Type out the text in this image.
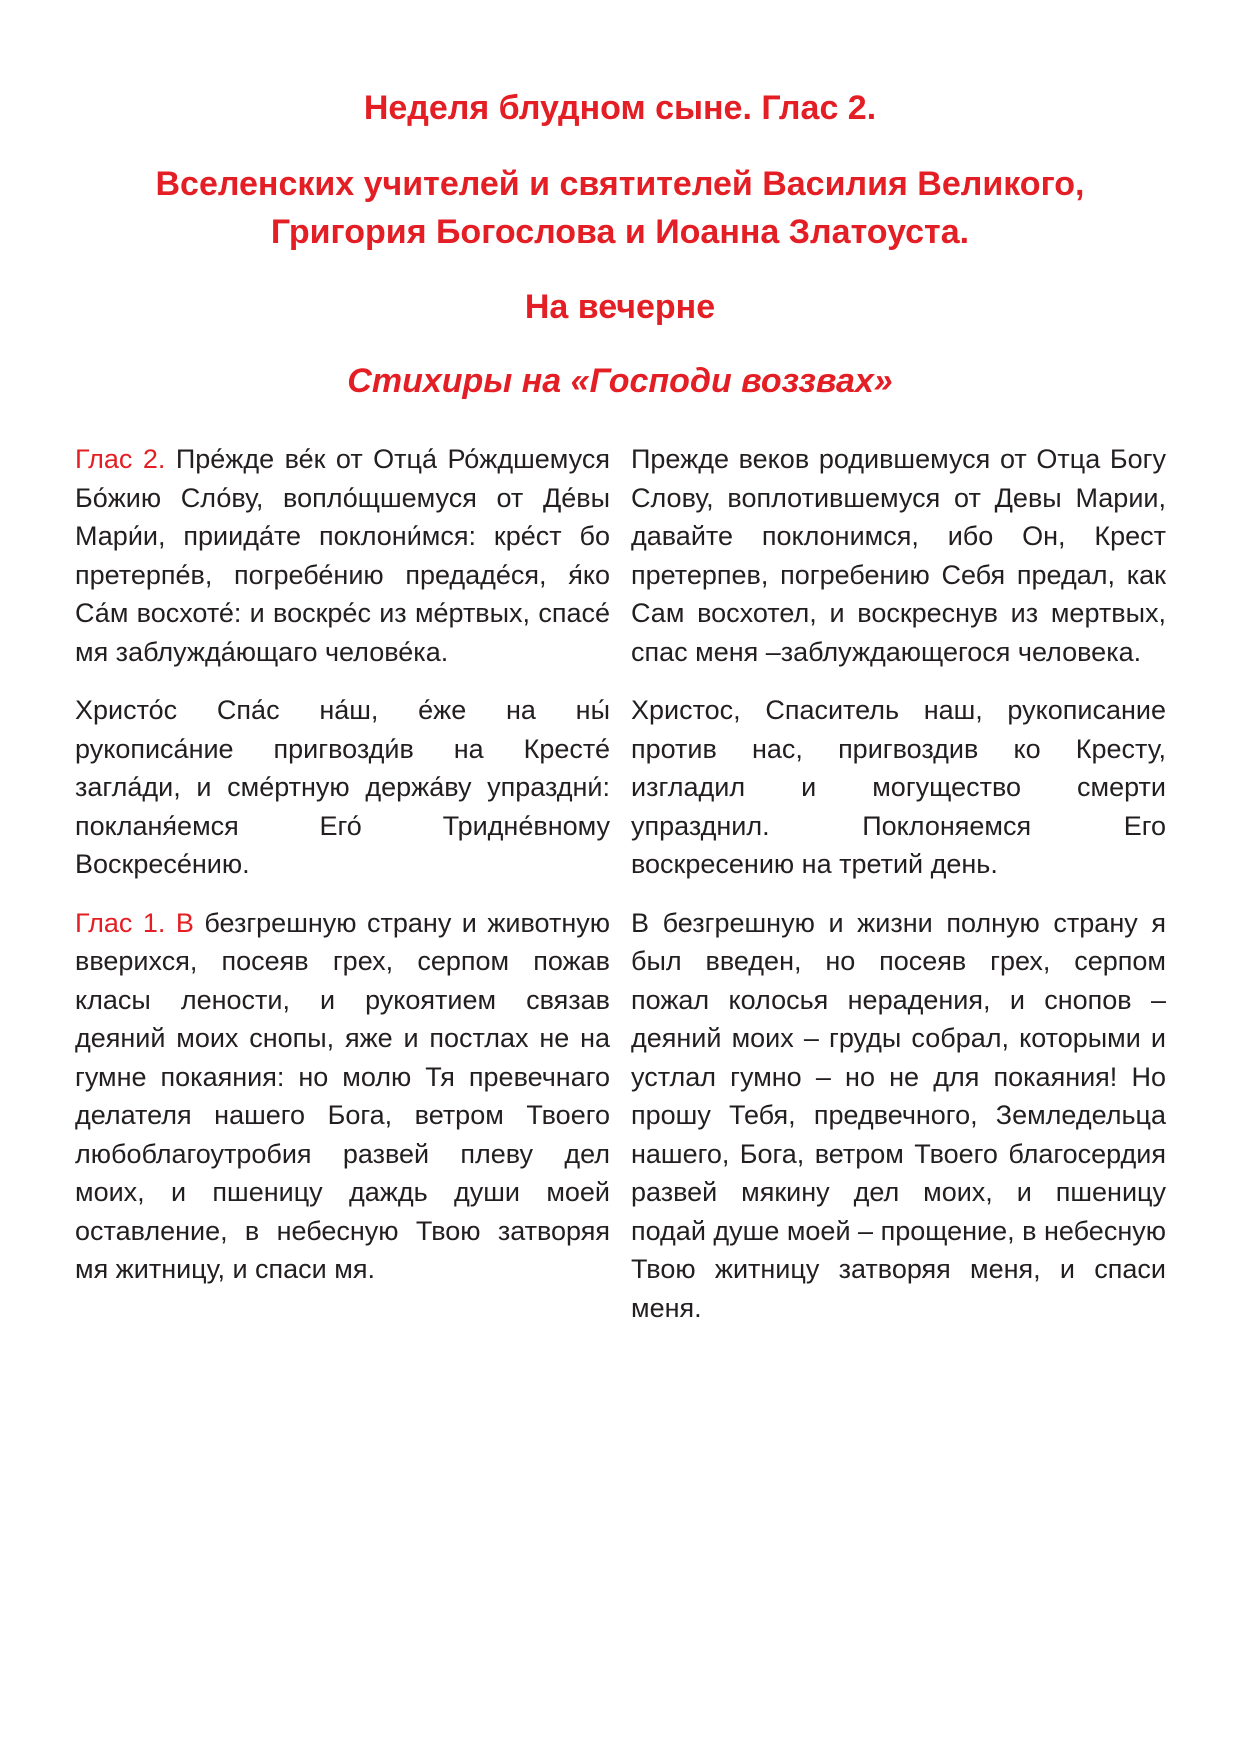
Неделя блудном сыне. Глас 2.
Вселенских учителей и святителей Василия Великого,
Григория Богослова и Иоанна Златоуста.
На вечерне
Стихиры на «Господи воззвах»

Глас 2. Пре́жде ве́к от Отца́ Ро́ждшемуся Бо́жию Сло́ву, вопло́щшемуся от Де́вы Мари́и, приида́те поклони́мся: кре́ст бо претерпе́в, погребе́нию предаде́ся, я́ко Са́м восхоте́: и воскре́с из ме́ртвых, спасе́ мя заблужда́ющаго челове́ка.

Христо́с Спа́с на́ш, е́же на ны́ рукописа́ние пригвозди́в на Кресте́ загла́ди, и сме́ртную держа́ву упраздни́: покланя́емся Его́ Тридне́вному Воскресе́нию.

Глас 1. В безгрешную страну и животную вверихся, посеяв грех, серпом пожав класы лености, и рукоятием связав деяний моих снопы, яже и постлах не на гумне покаяния: но молю Тя превечнаго делателя нашего Бога, ветром Твоего любоблагоутробия развей плеву дел моих, и пшеницу даждь души моей оставление, в небесную Твою затворяя мя житницу, и спаси мя.

Прежде веков родившемуся от Отца Богу Слову, воплотившемуся от Девы Марии, давайте поклонимся, ибо Он, Крест претерпев, погребению Себя предал, как Сам восхотел, и воскреснув из мертвых, спас меня –заблуждающегося человека.

Христос, Спаситель наш, рукописание против нас, пригвоздив ко Кресту, изгладил и могущество смерти упразднил. Поклоняемся Его воскресению на третий день.

В безгрешную и жизни полную страну я был введен, но посеяв грех, серпом пожал колосья нерадения, и снопов – деяний моих – груды собрал, которыми и устлал гумно – но не для покаяния! Но прошу Тебя, предвечного, Земледельца нашего, Бога, ветром Твоего благосердия развей мякину дел моих, и пшеницу подай душе моей – прощение, в небесную Твою житницу затворяя меня, и спаси меня.
